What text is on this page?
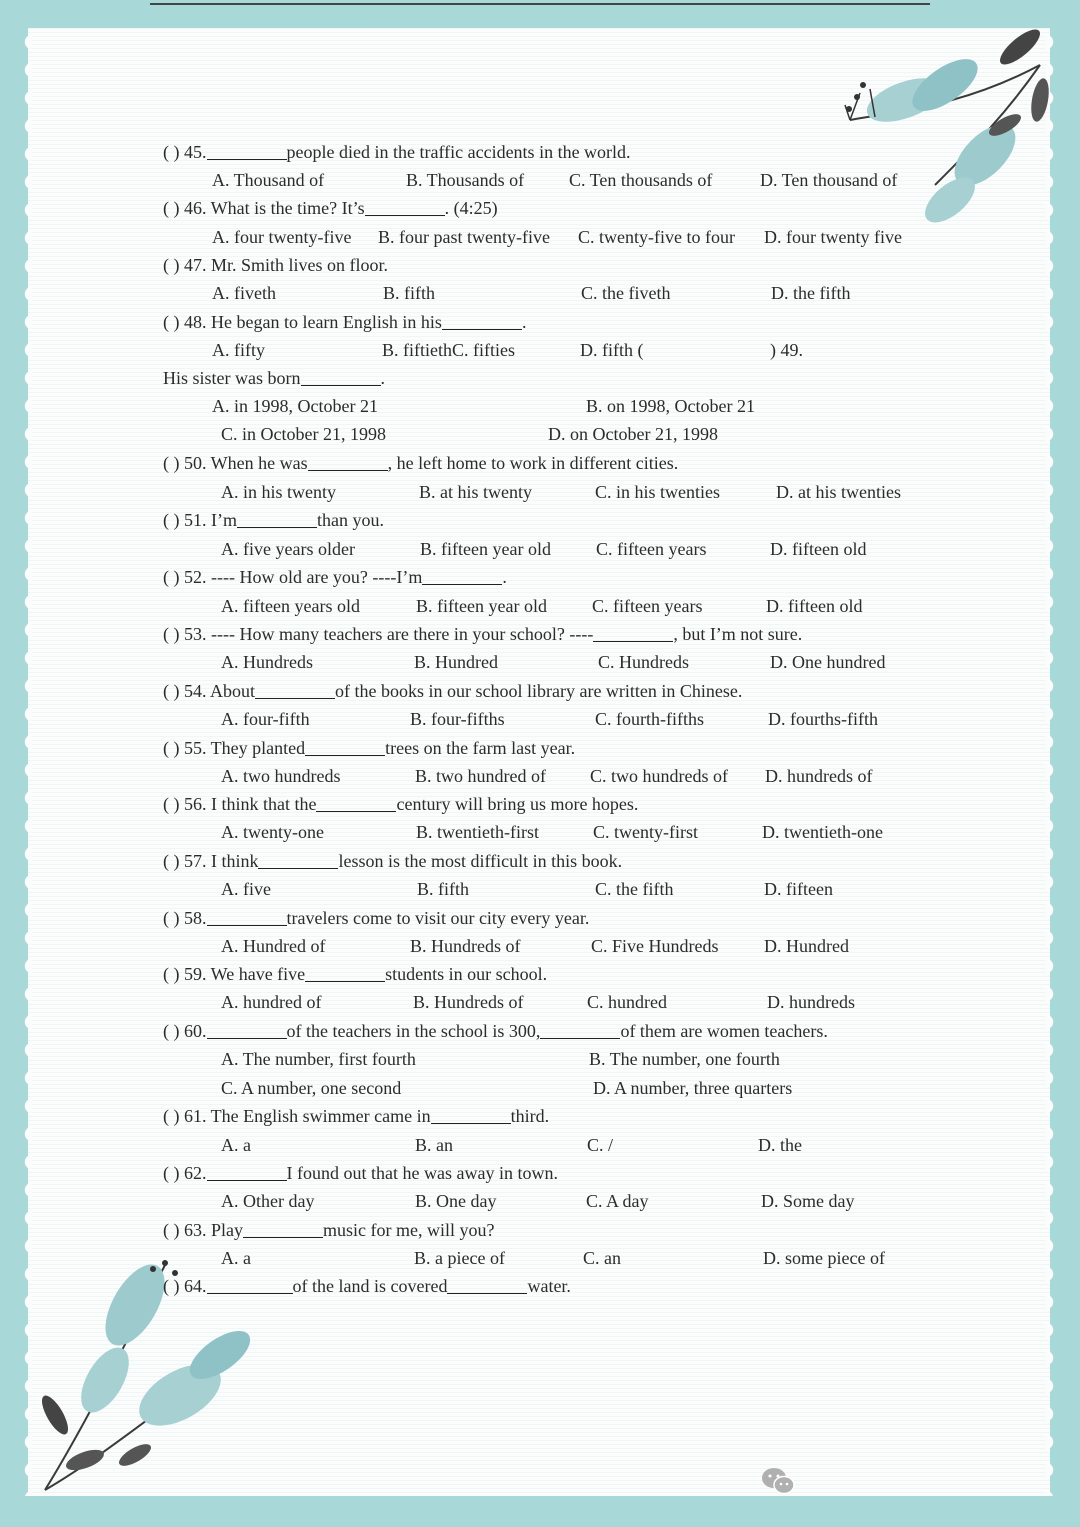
( ) 45.	people died in the traffic accidents in the world.
A. Thousand of	B. Thousands of C. Ten thousands of	D. Ten thousand of
( ) 46. What is the time? It’s	. (4:25)
A. four twenty-five B. four past twenty-five C. twenty-five to four D. four twenty five
( ) 47. Mr. Smith lives on floor.
A. fiveth	B. fifth	C. the fiveth	D. the fifth
( ) 48. He began to learn English in his	.
A. fifty	B. fiftiethC. fifties	D. fifth (	) 49.
His sister was born	.
A. in 1998, October 21	B. on 1998, October 21
C. in October 21, 1998	D. on October 21, 1998
( ) 50. When he was	, he left home to work in different cities.
A. in his twenty	B. at his twenty	C. in his twenties	D. at his twenties
( ) 51. I’m	than you.
A. five years older	B. fifteen year old	C. fifteen years	D. fifteen old
( ) 52. ---- How old are you? ----I’m	.
A. fifteen years old	B. fifteen year old	C. fifteen years	D. fifteen old
( ) 53. ---- How many teachers are there in your school? ----	, but I’m not sure.
A. Hundreds	B. Hundred	C. Hundreds	D. One hundred
( ) 54. About	of the books in our school library are written in Chinese.
A. four-fifth	B. four-fifths	C. fourth-fifths	D. fourths-fifth
( ) 55. They planted	trees on the farm last year.
A. two hundreds	B. two hundred of C. two hundreds of D. hundreds of
( ) 56. I think that the	century will bring us more hopes.
A. twenty-one	B. twentieth-first	C. twenty-first	D. twentieth-one
( ) 57. I think	lesson is the most difficult in this book.
A. five	B. fifth	C. the fifth	D. fifteen
( ) 58.	travelers come to visit our city every year.
A. Hundred of	B. Hundreds of	C. Five Hundreds	D. Hundred
( ) 59. We have five	students in our school.
A. hundred of	B. Hundreds of	C. hundred	D. hundreds
( ) 60.	of the teachers in the school is 300,	of them are women teachers.
A. The number, first fourth	B. The number, one fourth
C. A number, one second	D. A number, three quarters
( ) 61. The English swimmer came in	third.
A. a	B. an	C. /	D. the
( ) 62.	I found out that he was away in town.
A. Other day	B. One day	C. A day	D. Some day
( ) 63. Play	music for me, will you?
A. a	B. a piece of	C. an	D. some piece of
( ) 64.	of the land is covered	water.
